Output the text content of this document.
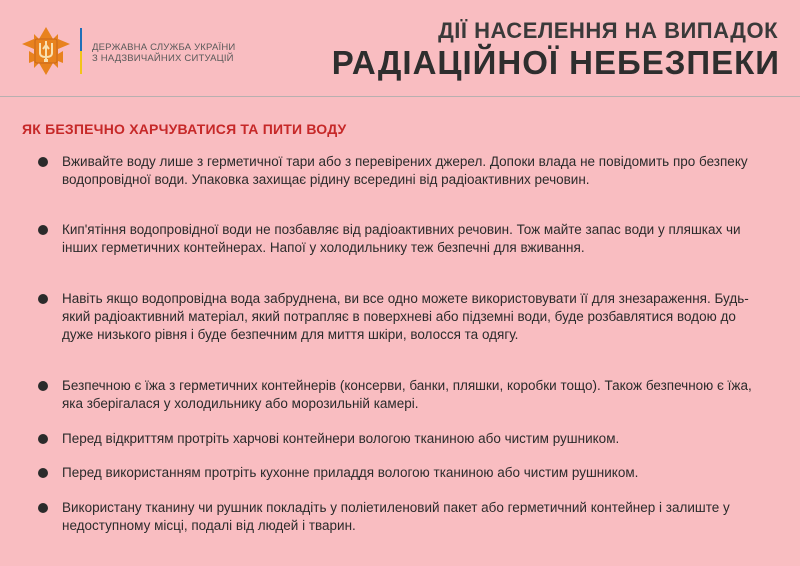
ДЕРЖАВНА СЛУЖБА УКРАЇНИ
З НАДЗВИЧАЙНИХ СИТУАЦІЙ
ДІЇ НАСЕЛЕННЯ НА ВИПАДОК
РАДІАЦІЙНОЇ НЕБЕЗПЕКИ
ЯК БЕЗПЕЧНО ХАРЧУВАТИСЯ ТА ПИТИ ВОДУ
Вживайте воду лише з герметичної тари або з перевірених джерел. Допоки влада не повідомить про безпеку водопровідної води. Упаковка захищає рідину всередині від радіоактивних речовин.
Кип'ятіння водопровідної води не позбавляє від радіоактивних речовин. Тож майте запас води у пляшках чи інших герметичних контейнерах. Напої у холодильнику теж безпечні для вживання.
Навіть якщо водопровідна вода забруднена, ви все одно можете використовувати її для знезараження. Будь-який радіоактивний матеріал, який потрапляє в поверхневі або підземні води, буде розбавлятися водою до дуже низького рівня і буде безпечним для миття шкіри, волосся та одягу.
Безпечною є їжа з герметичних контейнерів (консерви, банки, пляшки, коробки тощо). Також безпечною є їжа, яка зберігалася у холодильнику або морозильній камері.
Перед відкриттям протріть харчові контейнери вологою тканиною або чистим рушником.
Перед використанням протріть кухонне приладдя вологою тканиною або чистим рушником.
Використану тканину чи рушник покладіть у поліетиленовий пакет або герметичний контейнер і залиште у недоступному місці, подалі від людей і тварин.
